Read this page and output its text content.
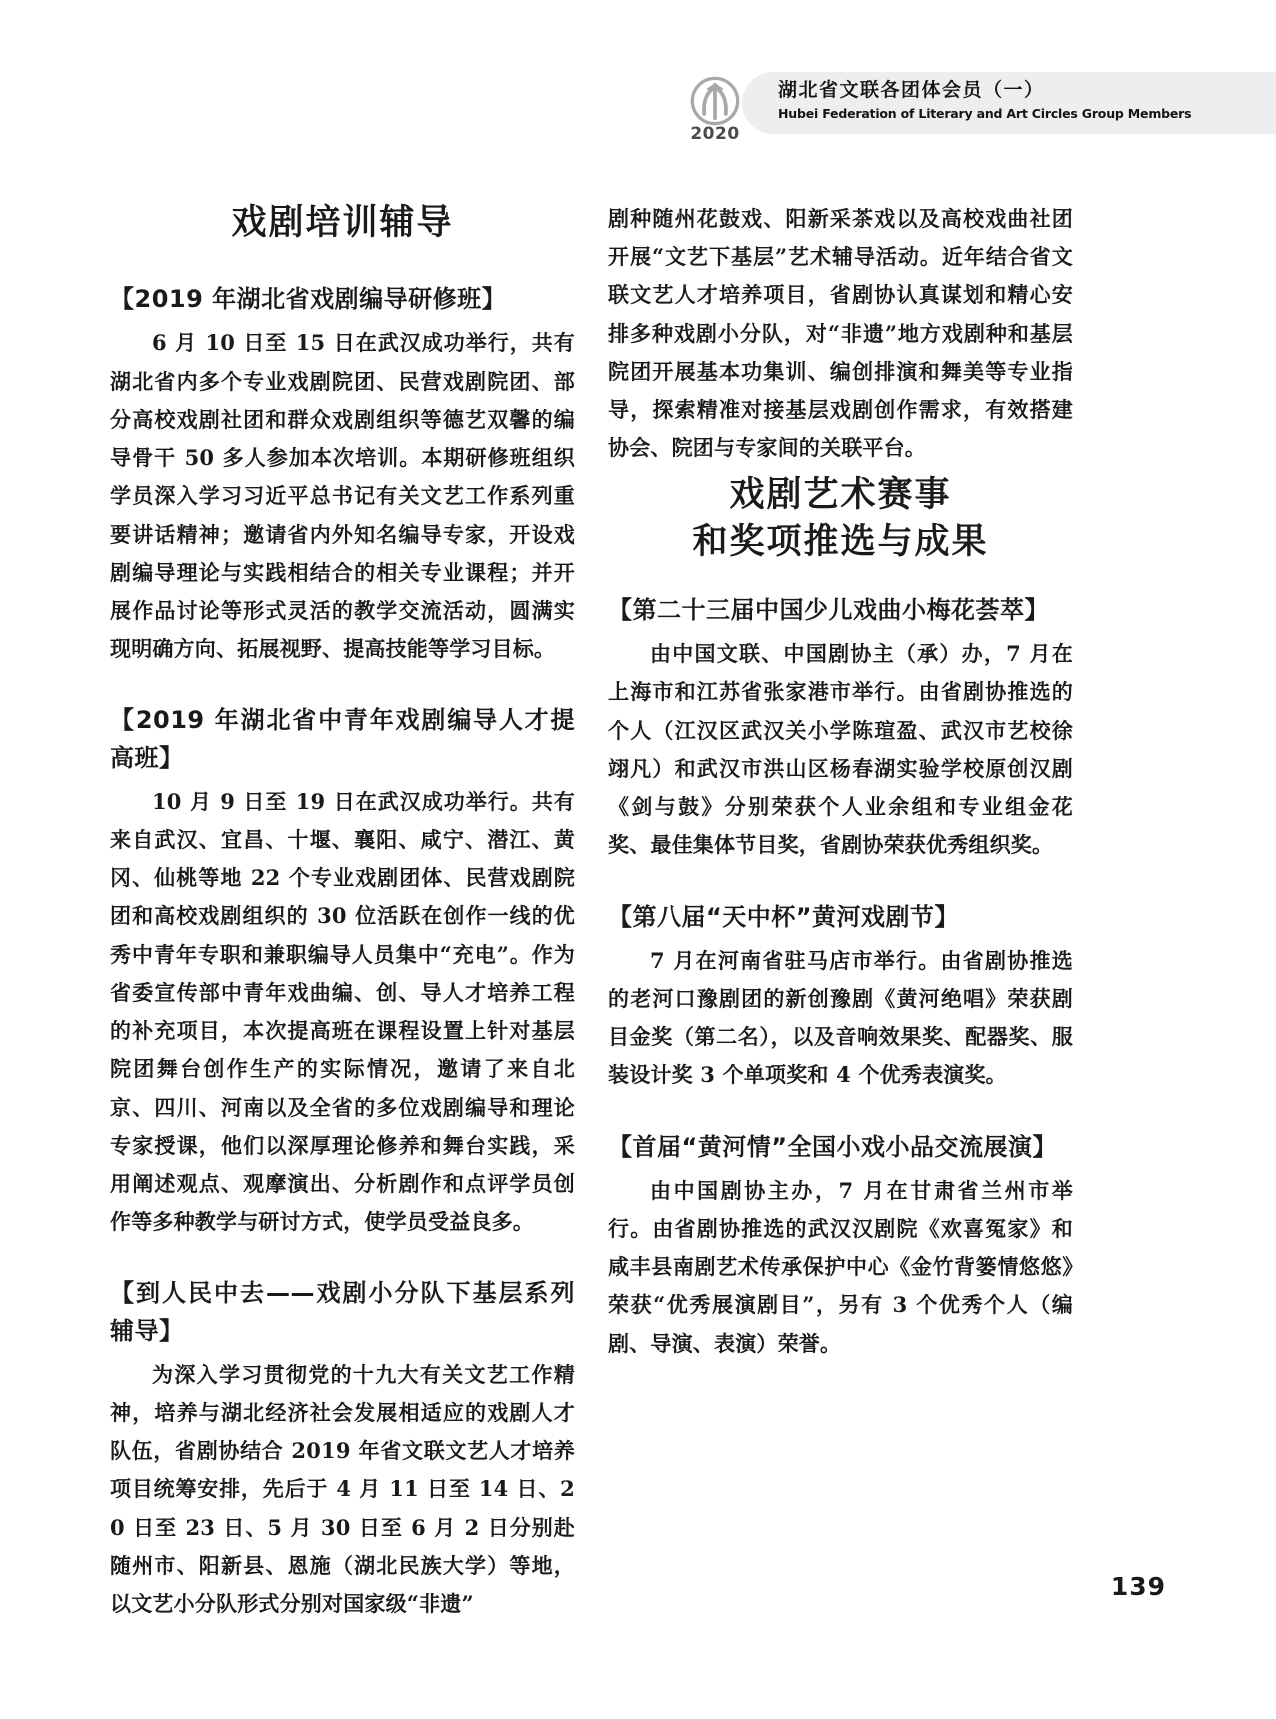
2020
湖北省文联各团体会员（一）
Hubei Federation of Literary and Art Circles Group Members
戏剧培训辅导
【2019 年湖北省戏剧编导研修班】

6 月 10 日至 15 日在武汉成功举行，共有湖北省内多个专业戏剧院团、民营戏剧院团、部分高校戏剧社团和群众戏剧组织等德艺双馨的编导骨干 50 多人参加本次培训。本期研修班组织学员深入学习习近平总书记有关文艺工作系列重要讲话精神；邀请省内外知名编导专家，开设戏剧编导理论与实践相结合的相关专业课程；并开展作品讨论等形式灵活的教学交流活动，圆满实现明确方向、拓展视野、提高技能等学习目标。

【2019 年湖北省中青年戏剧编导人才提高班】

10 月 9 日至 19 日在武汉成功举行。共有来自武汉、宜昌、十堰、襄阳、咸宁、潜江、黄冈、仙桃等地 22 个专业戏剧团体、民营戏剧院团和高校戏剧组织的 30 位活跃在创作一线的优秀中青年专职和兼职编导人员集中“充电”。作为省委宣传部中青年戏曲编、创、导人才培养工程的补充项目，本次提高班在课程设置上针对基层院团舞台创作生产的实际情况，邀请了来自北京、四川、河南以及全省的多位戏剧编导和理论专家授课，他们以深厚理论修养和舞台实践，采用阐述观点、观摩演出、分析剧作和点评学员创作等多种教学与研讨方式，使学员受益良多。

【到人民中去——戏剧小分队下基层系列辅导】

为深入学习贯彻党的十九大有关文艺工作精神，培养与湖北经济社会发展相适应的戏剧人才队伍，省剧协结合 2019 年省文联文艺人才培养项目统筹安排，先后于 4 月 11 日至 14 日、20 日至 23 日、5 月 30 日至 6 月 2 日分别赴随州市、阳新县、恩施（湖北民族大学）等地，以文艺小分队形式分别对国家级“非遗”

剧种随州花鼓戏、阳新采茶戏以及高校戏曲社团开展“文艺下基层”艺术辅导活动。近年结合省文联文艺人才培养项目，省剧协认真谋划和精心安排多种戏剧小分队，对“非遗”地方戏剧种和基层院团开展基本功集训、编创排演和舞美等专业指导，探索精准对接基层戏剧创作需求，有效搭建协会、院团与专家间的关联平台。

戏剧艺术赛事
和奖项推选与成果
【第二十三届中国少儿戏曲小梅花荟萃】

由中国文联、中国剧协主（承）办，7 月在上海市和江苏省张家港市举行。由省剧协推选的个人（江汉区武汉关小学陈瑄盈、武汉市艺校徐翊凡）和武汉市洪山区杨春湖实验学校原创汉剧《剑与鼓》分别荣获个人业余组和专业组金花奖、最佳集体节目奖，省剧协荣获优秀组织奖。

【第八届“天中杯”黄河戏剧节】

7 月在河南省驻马店市举行。由省剧协推选的老河口豫剧团的新创豫剧《黄河绝唱》荣获剧目金奖（第二名），以及音响效果奖、配器奖、服装设计奖 3 个单项奖和 4 个优秀表演奖。

【首届“黄河情”全国小戏小品交流展演】

由中国剧协主办，7 月在甘肃省兰州市举行。由省剧协推选的武汉汉剧院《欢喜冤家》和咸丰县南剧艺术传承保护中心《金竹背篓情悠悠》荣获“优秀展演剧目”，另有 3 个优秀个人（编剧、导演、表演）荣誉。

139
